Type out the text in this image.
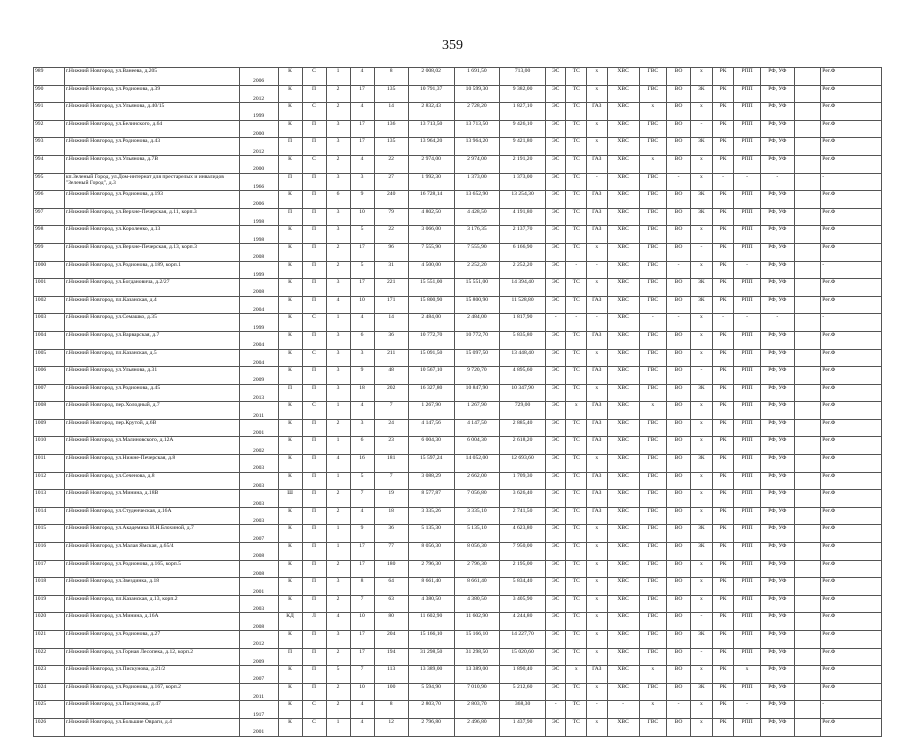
359
989	г.Нижний Новгород, ул.Ванеева, д.205	2006	К	С	1	4	8	2 008,02	1 691,50	713,00	ЭС	ТС	х	ХВС	ГВС	ВО	х	РК	РПП	РФ, УФ		Рег.Ф
990	г.Нижний Новгород, ул.Родионова, д.39	2012	К	П	2	17	135	10 791,37	10 599,30	9 382,00	ЭС	ТС	х	ХВС	ГВС	ВО	ЗК	РК	РПП	РФ, УФ		Рег.Ф
991	г.Нижний Новгород, ул.Ульянова, д.40/15	1999	К	С	2	4	14	2 832,43	2 728,20	1 827,10	ЭС	ТС	ГАЗ	ХВС	х	ВО	х	РК	РПП	РФ, УФ		Рег.Ф
992	г.Нижний Новгород, ул.Белинского, д.64	2000	К	П	3	17	136	13 713,50	13 713,50	9 426,10	ЭС	ТС	х	ХВС	ГВС	ВО	-	РК	РПП	РФ, УФ		Рег.Ф
993	г.Нижний Новгород, ул.Родионова, д.43	2012	П	П	3	17	135	13 964,20	13 964,20	9 421,80	ЭС	ТС	х	ХВС	ГВС	ВО	ЗК	РК	РПП	РФ, УФ		Рег.Ф
994	г.Нижний Новгород, ул.Ульянова, д.7В	2000	К	С	2	4	22	2 974,00	2 974,00	2 191,20	ЭС	ТС	ГАЗ	ХВС	х	ВО	х	РК	РПП	РФ, УФ		Рег.Ф
995	кп.Зеленый Город, ул.Дом-интернат для престарелых и инвалидов "Зеленый Город", д.3	1966	П	П	3	3	27	1 992,30	1 373,00	1 373,00	ЭС	ТС	-	ХВС	ГВС	-	х	-	-	-		-
996	г.Нижний Новгород, ул.Родионова, д.193	2006	К	П	6	9	240	16 728,14	13 652,90	13 254,30	ЭС	ТС	ГАЗ	ХВС	ГВС	ВО	ЗК	РК	РПП	РФ, УФ		Рег.Ф
997	г.Нижний Новгород, ул.Верхне-Печерская, д.11, корп.3	1998	П	П	3	10	79	4 802,50	4 428,50	4 191,80	ЭС	ТС	ГАЗ	ХВС	ГВС	ВО	ЗК	РК	РПП	РФ, УФ		Рег.Ф
998	г.Нижний Новгород, ул.Короленко, д.13	1998	К	П	3	5	22	3 066,00	3 176,35	2 137,70	ЭС	ТС	ГАЗ	ХВС	ГВС	ВО	х	РК	РПП	РФ, УФ		Рег.Ф
999	г.Нижний Новгород, ул.Верхне-Печерская, д.13, корп.3	2008	К	П	2	17	96	7 555,90	7 555,90	6 166,90	ЭС	ТС	х	ХВС	ГВС	ВО	-	РК	РПП	РФ, УФ		Рег.Ф
1000	г.Нижний Новгород, ул.Родионова, д.189, корп.1	1999	К	П	2	5	31	4 500,00	2 252,20	2 252,20	ЭС	-	-	ХВС	ГВС	-	х	РК	-	РФ, УФ		-
1001	г.Нижний Новгород, ул.Богдановича, д.2/27	2008	К	П	3	17	221	15 551,00	15 551,00	14 394,40	ЭС	ТС	х	ХВС	ГВС	ВО	ЗК	РК	РПП	РФ, УФ		Рег.Ф
1002	г.Нижний Новгород, пл.Казанская, д.4	2004	К	П	4	10	171	15 800,90	15 800,90	11 528,80	ЭС	ТС	ГАЗ	ХВС	ГВС	ВО	ЗК	РК	РПП	РФ, УФ		Рег.Ф
1003	г.Нижний Новгород, ул.Семашко, д.35	1999	К	С	1	4	14	2 484,00	2 484,00	1 817,90	-	-	-	ХВС	-	-	х	-	-	-		-
1004	г.Нижний Новгород, ул.Варварская, д.7	2004	К	П	3	6	36	10 772,70	10 772,70	5 835,80	ЭС	ТС	ГАЗ	ХВС	ГВС	ВО	х	РК	РПП	РФ, УФ		Рег.Ф
1005	г.Нижний Новгород, пл.Казанская, д.5	2004	К	С	3	3	211	15 091,50	15 097,50	13 448,40	ЭС	ТС	х	ХВС	ГВС	ВО	х	РК	РПП	РФ, УФ		Рег.Ф
1006	г.Нижний Новгород, ул.Ульянова, д.31	2009	К	П	3	9	48	10 567,10	9 720,70	4 895,60	ЭС	ТС	ГАЗ	ХВС	ГВС	ВО	-	РК	РПП	РФ, УФ		Рег.Ф
1007	г.Нижний Новгород, ул.Родионова, д.45	2013	П	П	3	18	202	16 327,80	10 847,90	10 347,90	ЭС	ТС	х	ХВС	ГВС	ВО	ЗК	РК	РПП	РФ, УФ		Рег.Ф
1008	г.Нижний Новгород, пер.Холодный, д.7	2011	К	С	1	4	7	1 267,90	1 267,90	729,00	ЭС	х	ГАЗ	ХВС	х	ВО	х	РК	РПП	РФ, УФ		Рег.Ф
1009	г.Нижний Новгород, пер.Крутой, д.6В	2001	К	П	2	3	24	4 147,56	4 147,50	2 885,40	ЭС	ТС	ГАЗ	ХВС	ГВС	ВО	х	РК	РПП	РФ, УФ		Рег.Ф
1010	г.Нижний Новгород, ул.Малиновского, д.12А	2002	К	П	1	6	23	6 004,30	6 004,30	2 618,20	ЭС	ТС	ГАЗ	ХВС	ГВС	ВО	х	РК	РПП	РФ, УФ		Рег.Ф
1011	г.Нижний Новгород, ул.Нижне-Печерская, д.8	2003	К	П	4	16	181	15 597,24	14 052,00	12 693,60	ЭС	ТС	х	ХВС	ГВС	ВО	ЗК	РК	РПП	РФ, УФ		Рег.Ф
1012	г.Нижний Новгород, ул.Сеченова, д.8	2003	К	П	1	5	7	3 088,29	2 662,00	1 709,30	ЭС	ТС	ГАЗ	ХВС	ГВС	ВО	х	РК	РПП	РФ, УФ		Рег.Ф
1013	г.Нижний Новгород, ул.Минина, д.18В	2003	Ш	П	2	7	19	8 577,87	7 056,80	3 626,40	ЭС	ТС	ГАЗ	ХВС	ГВС	ВО	х	РК	РПП	РФ, УФ		Рег.Ф
1014	г.Нижний Новгород, ул.Студенческая, д.16А	2003	К	П	2	4	18	3 335,26	3 335,10	2 741,50	ЭС	ТС	ГАЗ	ХВС	ГВС	ВО	х	РК	РПП	РФ, УФ		Рег.Ф
1015	г.Нижний Новгород, ул.Академика И.Н.Блохиной, д.7	2007	К	П	1	9	36	5 135,30	5 135,10	4 623,80	ЭС	ТС	х	ХВС	ГВС	ВО	ЗК	РК	РПП	РФ, УФ		Рег.Ф
1016	г.Нижний Новгород, ул.Малая Ямская, д.65/4	2008	К	П	1	17	77	8 056,30	8 056,30	7 950,00	ЭС	ТС	х	ХВС	ГВС	ВО	ЗК	РК	РПП	РФ, УФ		Рег.Ф
1017	г.Нижний Новгород, ул.Родионова, д.165, корп.5	2008	К	П	2	17	180	2 796,30	2 796,30	2 195,00	ЭС	ТС	х	ХВС	ГВС	ВО	х	РК	РПП	РФ, УФ		Рег.Ф
1018	г.Нижний Новгород, ул.Звездинка, д.18	2001	К	П	3	8	64	8 661,40	8 661,40	5 834,40	ЭС	ТС	х	ХВС	ГВС	ВО	х	РК	РПП	РФ, УФ		Рег.Ф
1019	г.Нижний Новгород, пл.Казанская, д.13, корп.2	2003	К	П	2	7	63	4 380,50	4 380,50	3 405,90	ЭС	ТС	х	ХВС	ГВС	ВО	х	РК	РПП	РФ, УФ		Рег.Ф
1020	г.Нижний Новгород, ул.Минина, д.16А	2008	КД	Л	4	10	80	11 602,90	11 602,90	4 244,80	ЭС	ТС	х	ХВС	ГВС	ВО	-	РК	РПП	РФ, УФ		Рег.Ф
1021	г.Нижний Новгород, ул.Родионова, д.27	2012	К	П	3	17	204	15 166,10	15 166,10	14 227,70	ЭС	ТС	х	ХВС	ГВС	ВО	ЗК	РК	РПП	РФ, УФ		Рег.Ф
1022	г.Нижний Новгород, ул.Горная Лесопека, д.12, корп.2	2009	П	П	2	17	194	31 298,50	31 298,50	15 020,60	ЭС	ТС	х	ХВС	ГВС	ВО	-	РК	РПП	РФ, УФ		Рег.Ф
1023	г.Нижний Новгород, ул.Пискунова, д.21/2	2007	К	П	5	7	113	13 389,00	13 389,00	1 890,40	ЭС	х	ГАЗ	ХВС	х	ВО	х	РК	х	РФ, УФ		Рег.Ф
1024	г.Нижний Новгород, ул.Родионова, д.167, корп.2	2011	К	П	2	10	100	5 594,90	7 010,90	5 212,60	ЭС	ТС	х	ХВС	ГВС	ВО	ЗК	РК	РПП	РФ, УФ		Рег.Ф
1025	г.Нижний Новгород, ул.Пискунова, д.47	1917	К	С	2	4	8	2 803,70	2 803,70	368,30	-	ТС	-	-	х	-	х	РК	-	РФ, УФ		-
1026	г.Нижний Новгород, ул.Большие Овраги, д.4	2001	К	С	1	4	12	2 796,80	2 496,80	1 437,90	ЭС	ТС	х	ХВС	ГВС	ВО	х	РК	РПП	РФ, УФ		Рег.Ф
